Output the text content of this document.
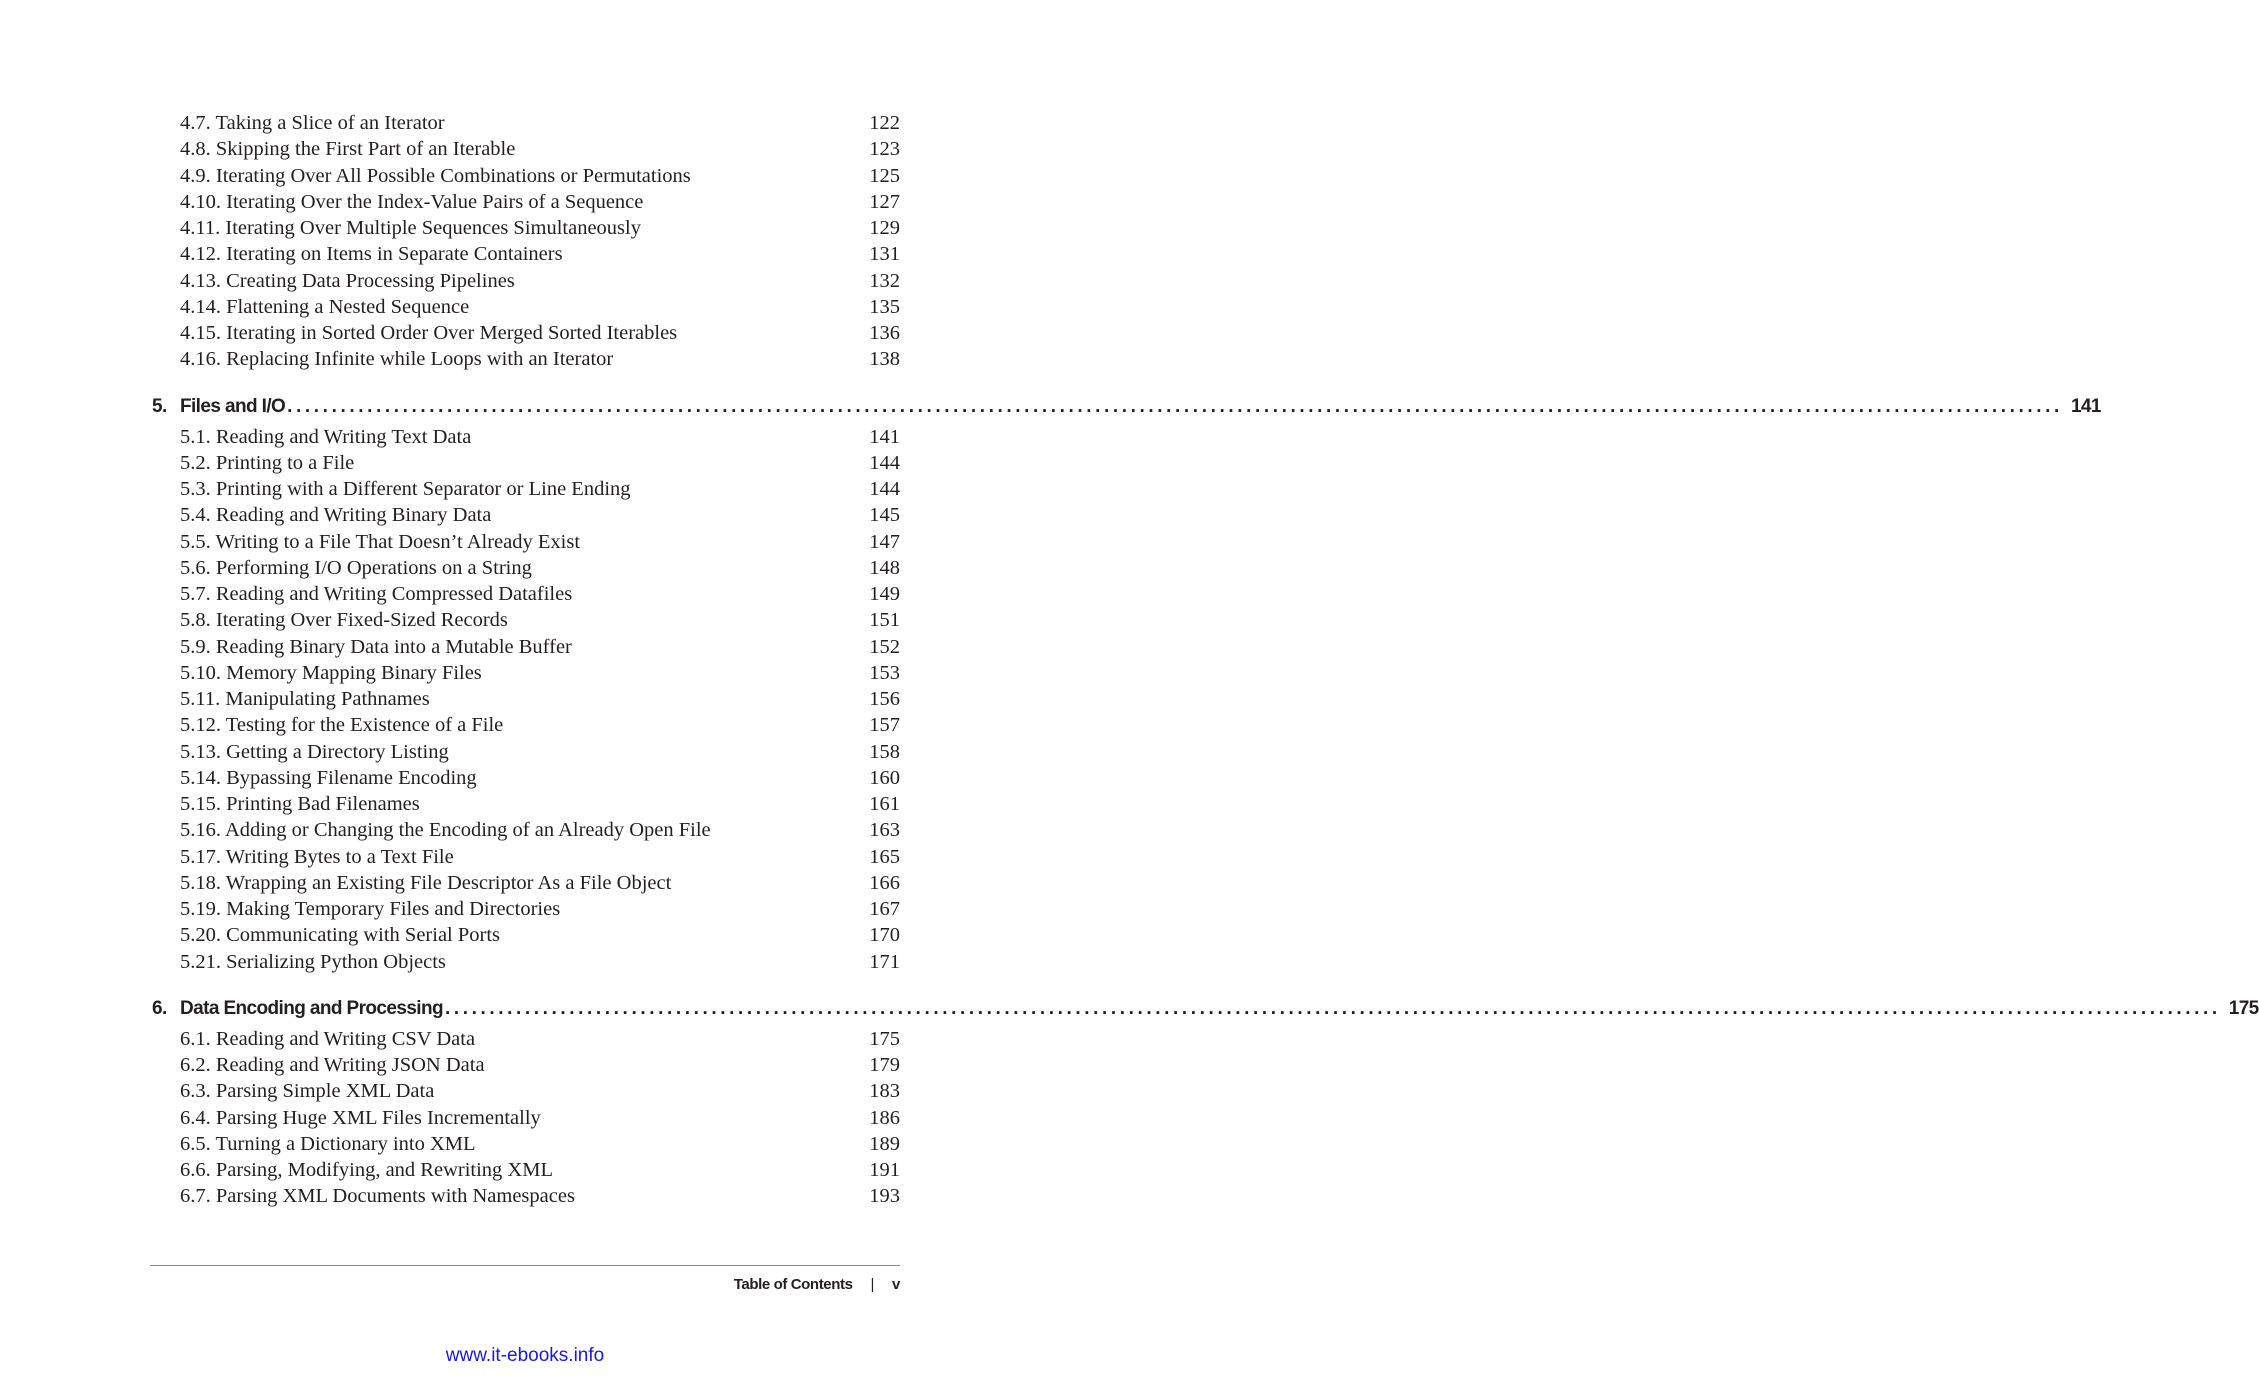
4.7. Taking a Slice of an Iterator	122
4.8. Skipping the First Part of an Iterable	123
4.9. Iterating Over All Possible Combinations or Permutations	125
4.10. Iterating Over the Index-Value Pairs of a Sequence	127
4.11. Iterating Over Multiple Sequences Simultaneously	129
4.12. Iterating on Items in Separate Containers	131
4.13. Creating Data Processing Pipelines	132
4.14. Flattening a Nested Sequence	135
4.15. Iterating in Sorted Order Over Merged Sorted Iterables	136
4.16. Replacing Infinite while Loops with an Iterator	138
5. Files and I/O ........................................................................................................................................................................................................ 141
5.1. Reading and Writing Text Data	141
5.2. Printing to a File	144
5.3. Printing with a Different Separator or Line Ending	144
5.4. Reading and Writing Binary Data	145
5.5. Writing to a File That Doesn’t Already Exist	147
5.6. Performing I/O Operations on a String	148
5.7. Reading and Writing Compressed Datafiles	149
5.8. Iterating Over Fixed-Sized Records	151
5.9. Reading Binary Data into a Mutable Buffer	152
5.10. Memory Mapping Binary Files	153
5.11. Manipulating Pathnames	156
5.12. Testing for the Existence of a File	157
5.13. Getting a Directory Listing	158
5.14. Bypassing Filename Encoding	160
5.15. Printing Bad Filenames	161
5.16. Adding or Changing the Encoding of an Already Open File	163
5.17. Writing Bytes to a Text File	165
5.18. Wrapping an Existing File Descriptor As a File Object	166
5.19. Making Temporary Files and Directories	167
5.20. Communicating with Serial Ports	170
5.21. Serializing Python Objects	171
6. Data Encoding and Processing ........................................................................................................................................................................................................ 175
6.1. Reading and Writing CSV Data	175
6.2. Reading and Writing JSON Data	179
6.3. Parsing Simple XML Data	183
6.4. Parsing Huge XML Files Incrementally	186
6.5. Turning a Dictionary into XML	189
6.6. Parsing, Modifying, and Rewriting XML	191
6.7. Parsing XML Documents with Namespaces	193
Table of Contents | v
www.it-ebooks.info
